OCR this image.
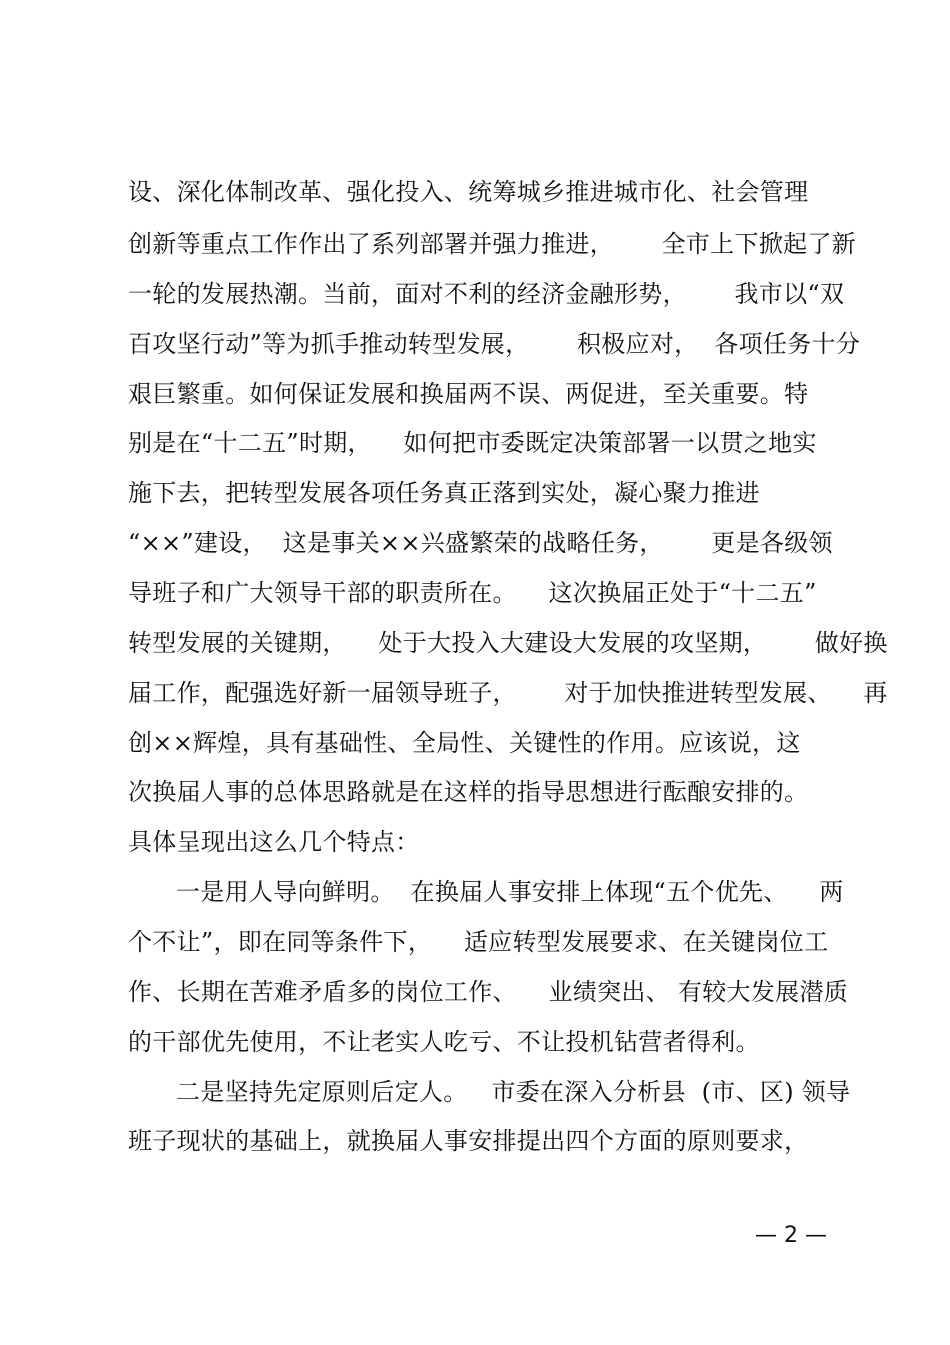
设、深化体制改革、强化投入、统筹城乡推进城市化、社会管理
创新等重点工作作出了系列部署并强力推进，      全市上下掀起了新
一轮的发展热潮。当前，面对不利的经济金融形势，      我市以“双
百攻坚行动”等为抓手推动转型发展，      积极应对，  各项任务十分
艰巨繁重。如何保证发展和换届两不误、两促进，至关重要。特
别是在“十二五”时期，    如何把市委既定决策部署一以贯之地实
施下去，把转型发展各项任务真正落到实处，凝心聚力推进
“××”建设，  这是事关××兴盛繁荣的战略任务，      更是各级领
导班子和广大领导干部的职责所在。    这次换届正处于“十二五”
转型发展的关键期，    处于大投入大建设大发展的攻坚期，      做好换
届工作，配强选好新一届领导班子，      对于加快推进转型发展、    再
创××辉煌，具有基础性、全局性、关键性的作用。应该说，这
次换届人事的总体思路就是在这样的指导思想进行酝酿安排的。
具体呈现出这么几个特点：
一是用人导向鲜明。  在换届人事安排上体现“五个优先、    两
个不让”，即在同等条件下，    适应转型发展要求、在关键岗位工
作、长期在苦难矛盾多的岗位工作、    业绩突出、 有较大发展潜质
的干部优先使用，不让老实人吃亏、不让投机钻营者得利。
二是坚持先定原则后定人。   市委在深入分析县  (市、区) 领导
班子现状的基础上，就换届人事安排提出四个方面的原则要求，
— 2 —
